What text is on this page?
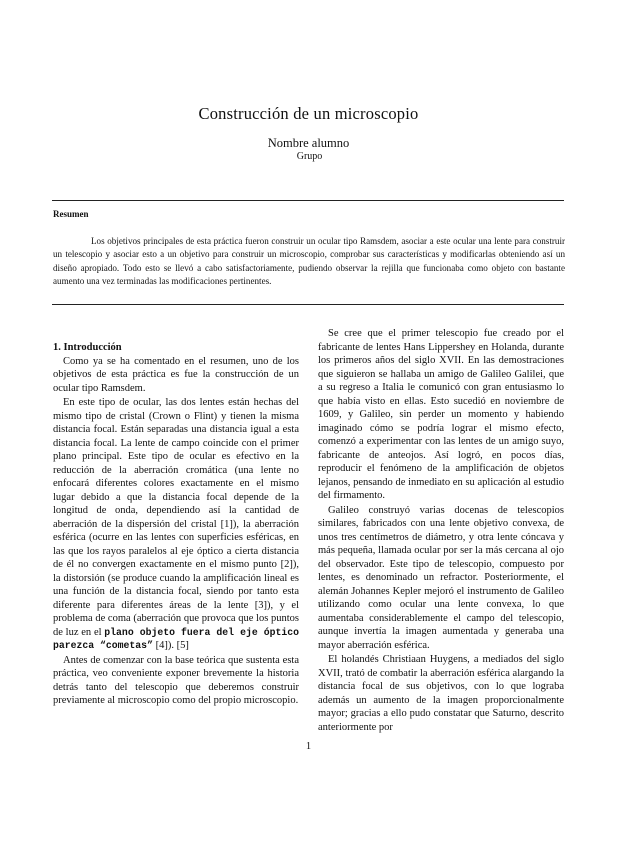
Construcción de un microscopio
Nombre alumno
Grupo
Resumen

Los objetivos principales de esta práctica fueron construir un ocular tipo Ramsdem, asociar a este ocular una lente para construir un telescopio y asociar esto a un objetivo para construir un microscopio, comprobar sus características y modificarlas obteniendo así un diseño apropiado. Todo esto se llevó a cabo satisfactoriamente, pudiendo observar la rejilla que funcionaba como objeto con bastante aumento una vez terminadas las modificaciones pertinentes.

1. Introducción

Como ya se ha comentado en el resumen, uno de los objetivos de esta práctica es fue la construcción de un ocular tipo Ramsdem.

En este tipo de ocular, las dos lentes están hechas del mismo tipo de cristal (Crown o Flint) y tienen la misma distancia focal. Están separadas una distancia igual a esta distancia focal. La lente de campo coincide con el primer plano principal. Este tipo de ocular es efectivo en la reducción de la aberración cromática (una lente no enfocará diferentes colores exactamente en el mismo lugar debido a que la distancia focal depende de la longitud de onda, dependiendo así la cantidad de aberración de la dispersión del cristal [1]), la aberración esférica (ocurre en las lentes con superficies esféricas, en las que los rayos paralelos al eje óptico a cierta distancia de él no convergen exactamente en el mismo punto [2]), la distorsión (se produce cuando la amplificación lineal es una función de la distancia focal, siendo por tanto esta diferente para diferentes áreas de la lente [3]), y el problema de coma (aberración que provoca que los puntos de luz en el plano objeto fuera del eje óptico parezca “cometas” [4]). [5]

Antes de comenzar con la base teórica que sustenta esta práctica, veo conveniente exponer brevemente la historia detrás tanto del telescopio que deberemos construir previamente al microscopio como del propio microscopio.

Se cree que el primer telescopio fue creado por el fabricante de lentes Hans Lippershey en Holanda, durante los primeros años del siglo XVII. En las demostraciones que siguieron se hallaba un amigo de Galileo Galilei, que a su regreso a Italia le comunicó con gran entusiasmo lo que había visto en ellas. Esto sucedió en noviembre de 1609, y Galileo, sin perder un momento y habiendo imaginado cómo se podría lograr el mismo efecto, comenzó a experimentar con las lentes de un amigo suyo, fabricante de anteojos. Así logró, en pocos días, reproducir el fenómeno de la amplificación de objetos lejanos, pensando de inmediato en su aplicación al estudio del firmamento.

Galileo construyó varias docenas de telescopios similares, fabricados con una lente objetivo convexa, de unos tres centímetros de diámetro, y otra lente cóncava y más pequeña, llamada ocular por ser la más cercana al ojo del observador. Este tipo de telescopio, compuesto por lentes, es denominado un refractor. Posteriormente, el alemán Johannes Kepler mejoró el instrumento de Galileo utilizando como ocular una lente convexa, lo que aumentaba considerablemente el campo del telescopio, aunque invertía la imagen aumentada y generaba una mayor aberración esférica.

El holandés Christiaan Huygens, a mediados del siglo XVII, trató de combatir la aberración esférica alargando la distancia focal de sus objetivos, con lo que lograba además un aumento de la imagen proporcionalmente mayor; gracias a ello pudo constatar que Saturno, descrito anteriormente por

1
